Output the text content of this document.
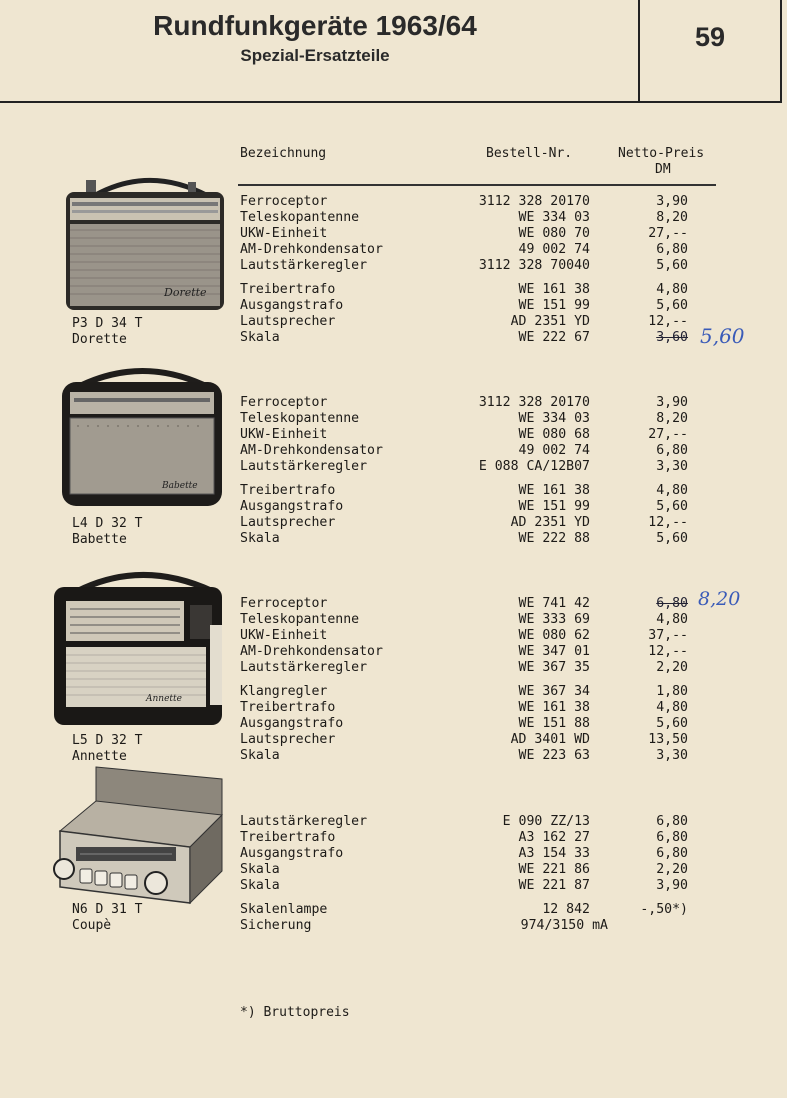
Rundfunkgeräte 1963/64
Spezial-Ersatzteile
59
Bezeichnung	Bestell-Nr.	Netto-Preis
DM
Dorette
Babette
Annette
P3 D 34 T
Dorette
L4 D 32 T
Babette
L5 D 32 T
Annette
N6 D 31 T
Coupè
Ferroceptor	3112 328 20170	3,90
Teleskopantenne	WE 334 03	8,20
UKW-Einheit	WE 080 70	27,--
AM-Drehkondensator	49 002 74	6,80
Lautstärkeregler	3112 328 70040	5,60
Treibertrafo	WE 161 38	4,80
Ausgangstrafo	WE 151 99	5,60
Lautsprecher	AD 2351 YD	12,--
Skala	WE 222 67	3,60
Ferroceptor	3112 328 20170	3,90
Teleskopantenne	WE 334 03	8,20
UKW-Einheit	WE 080 68	27,--
AM-Drehkondensator	49 002 74	6,80
Lautstärkeregler	E 088 CA/12B07	3,30
Treibertrafo	WE 161 38	4,80
Ausgangstrafo	WE 151 99	5,60
Lautsprecher	AD 2351 YD	12,--
Skala	WE 222 88	5,60
Ferroceptor	WE 741 42	6,80
Teleskopantenne	WE 333 69	4,80
UKW-Einheit	WE 080 62	37,--
AM-Drehkondensator	WE 347 01	12,--
Lautstärkeregler	WE 367 35	2,20
Klangregler	WE 367 34	1,80
Treibertrafo	WE 161 38	4,80
Ausgangstrafo	WE 151 88	5,60
Lautsprecher	AD 3401 WD	13,50
Skala	WE 223 63	3,30
Lautstärkeregler	E 090 ZZ/13	6,80
Treibertrafo	A3 162 27	6,80
Ausgangstrafo	A3 154 33	6,80
Skala	WE 221 86	2,20
Skala	WE 221 87	3,90
Skalenlampe	12 842	-,50*)
Sicherung	974/3150 mA
5,60
8,20
*) Bruttopreis
